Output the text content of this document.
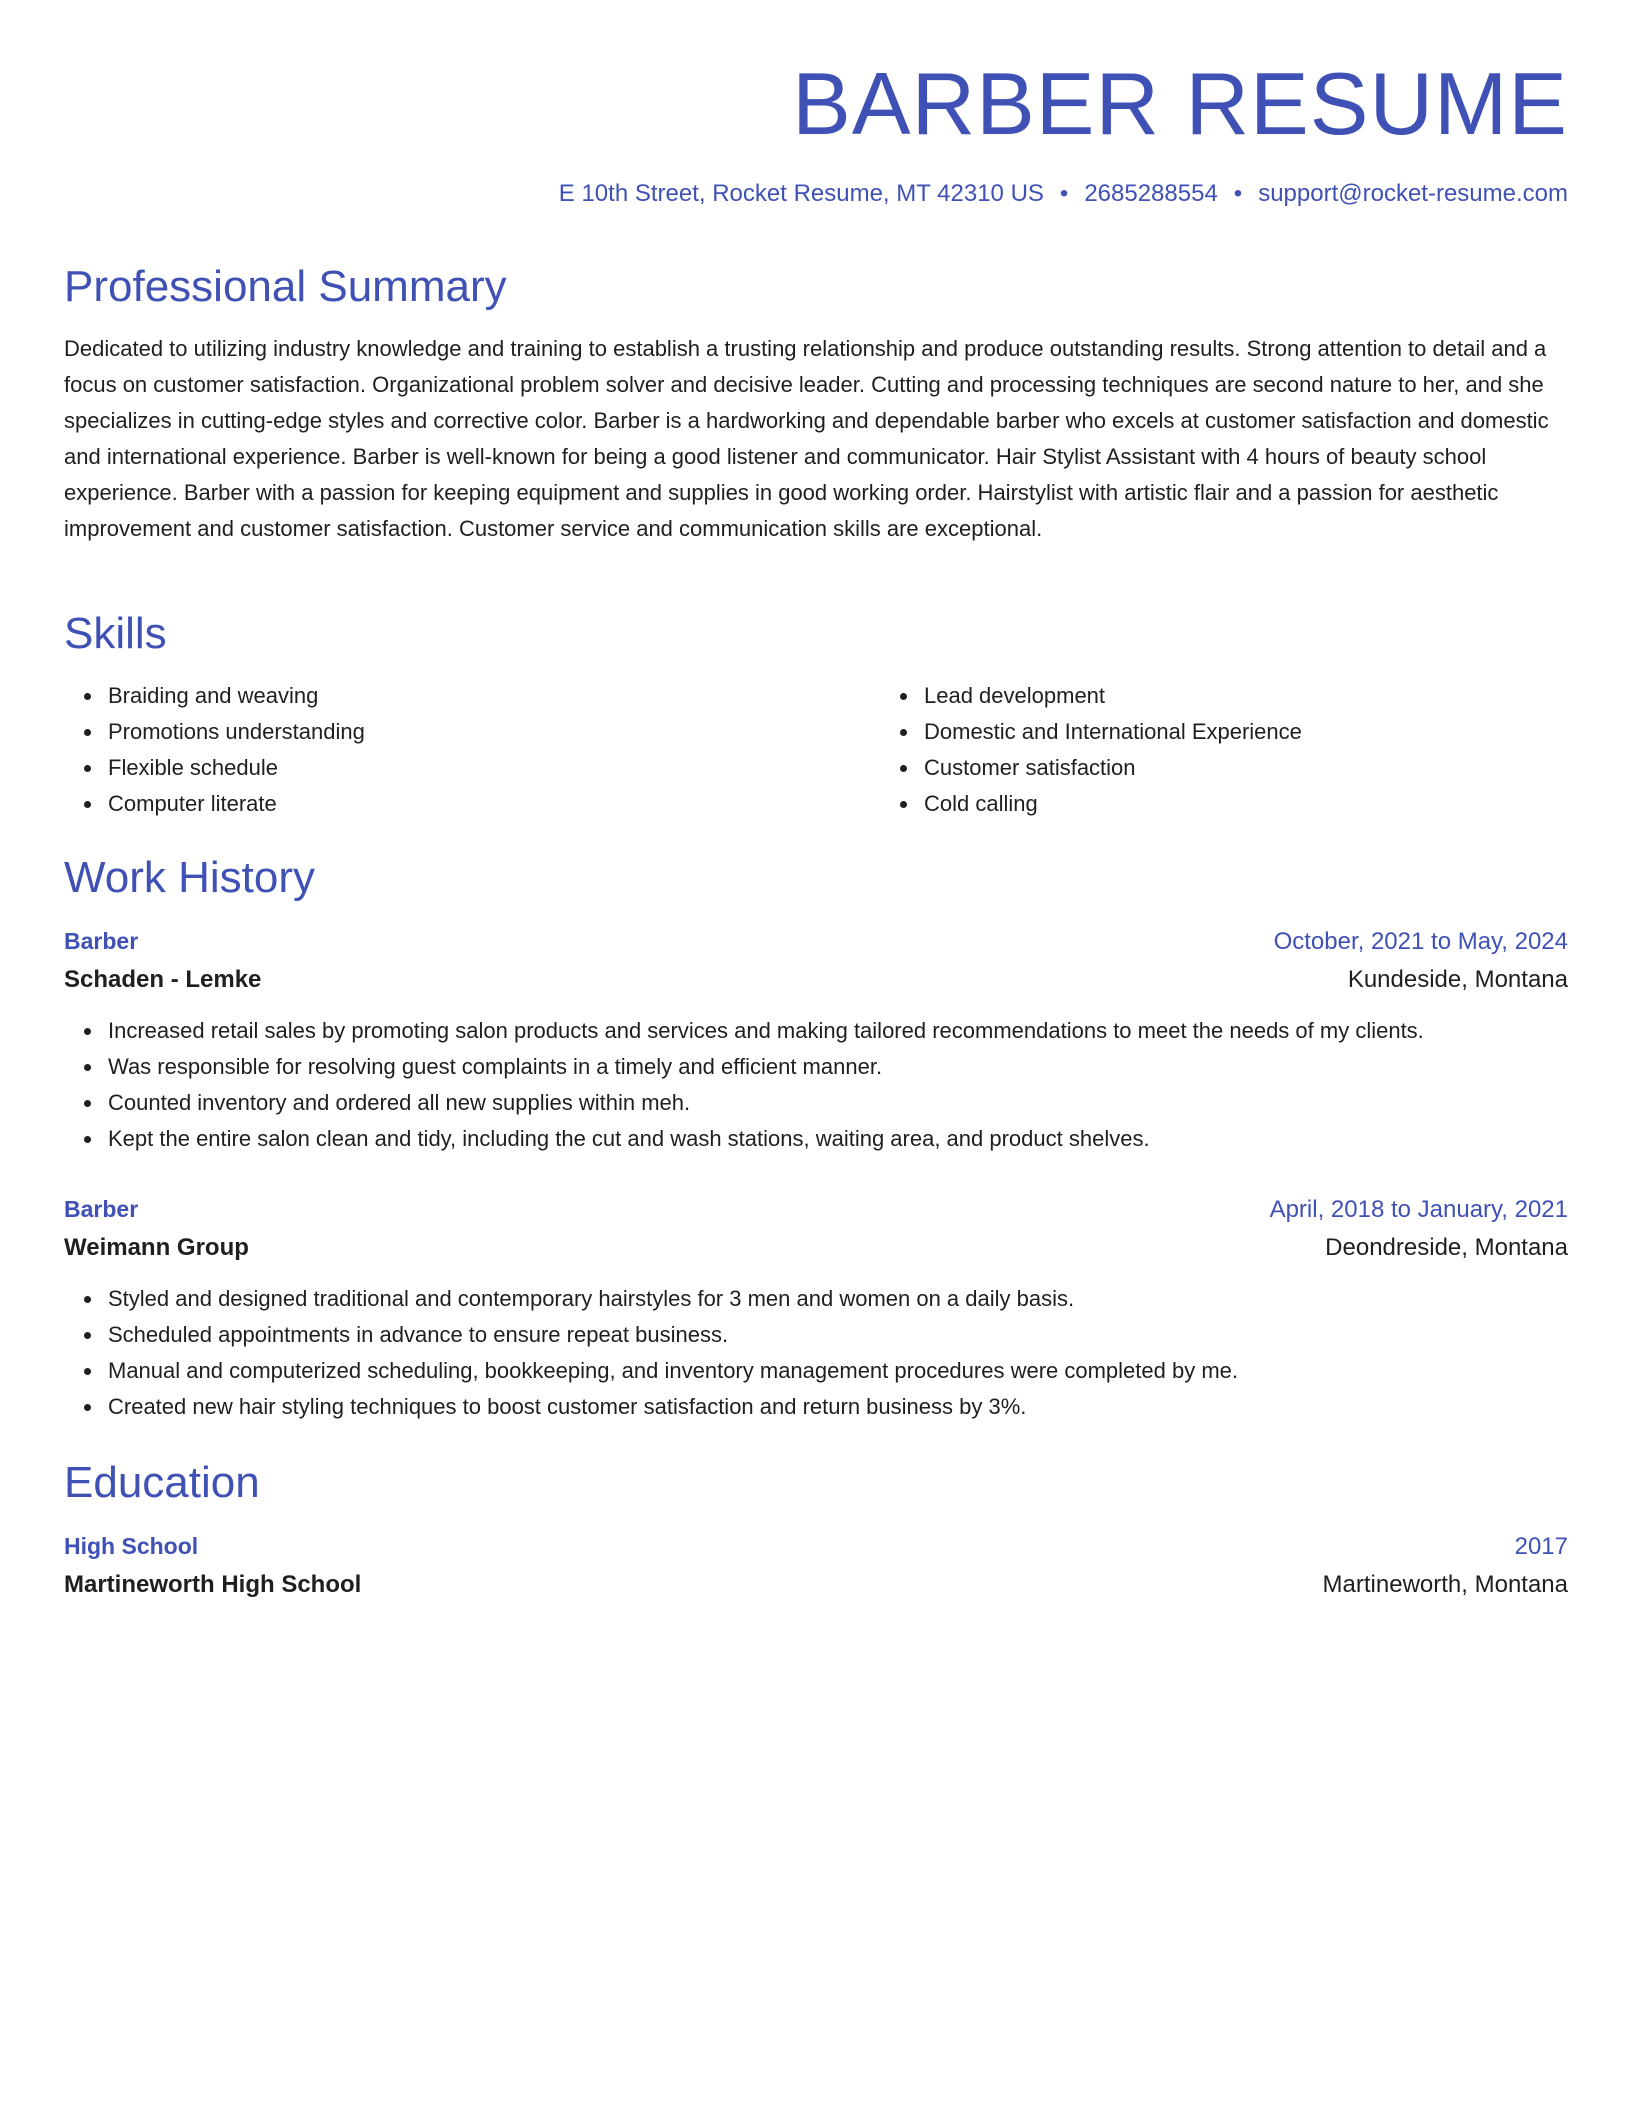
BARBER RESUME
E 10th Street, Rocket Resume, MT 42310 US • 2685288554 • support@rocket-resume.com
Professional Summary

Dedicated to utilizing industry knowledge and training to establish a trusting relationship and produce outstanding results. Strong attention to detail and a focus on customer satisfaction. Organizational problem solver and decisive leader. Cutting and processing techniques are second nature to her, and she specializes in cutting-edge styles and corrective color. Barber is a hardworking and dependable barber who excels at customer satisfaction and domestic and international experience. Barber is well-known for being a good listener and communicator. Hair Stylist Assistant with 4 hours of beauty school experience. Barber with a passion for keeping equipment and supplies in good working order. Hairstylist with artistic flair and a passion for aesthetic improvement and customer satisfaction. Customer service and communication skills are exceptional.

Skills
Braiding and weaving
Promotions understanding
Flexible schedule
Computer literate
Lead development
Domestic and International Experience
Customer satisfaction
Cold calling
Work History
Barber	October, 2021 to May, 2024
Schaden - Lemke	Kundeside, Montana
Increased retail sales by promoting salon products and services and making tailored recommendations to meet the needs of my clients.
Was responsible for resolving guest complaints in a timely and efficient manner.
Counted inventory and ordered all new supplies within meh.
Kept the entire salon clean and tidy, including the cut and wash stations, waiting area, and product shelves.
Barber	April, 2018 to January, 2021
Weimann Group	Deondreside, Montana
Styled and designed traditional and contemporary hairstyles for 3 men and women on a daily basis.
Scheduled appointments in advance to ensure repeat business.
Manual and computerized scheduling, bookkeeping, and inventory management procedures were completed by me.
Created new hair styling techniques to boost customer satisfaction and return business by 3%.
Education
High School	2017
Martineworth High School	Martineworth, Montana
